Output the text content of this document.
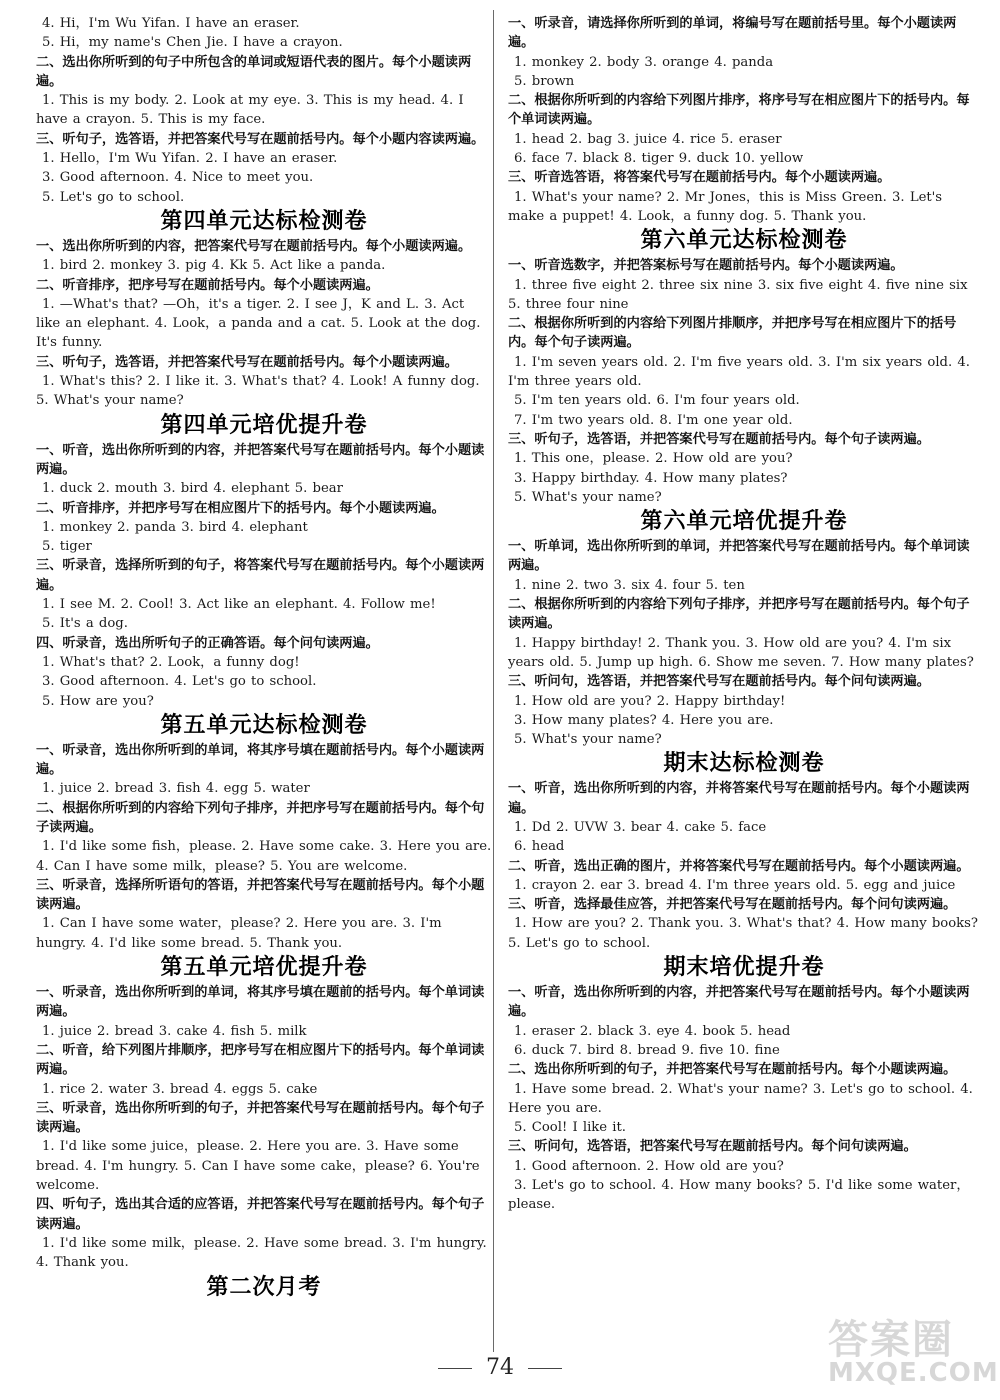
4. Hi，I'm Wu Yifan. I have an eraser.
5. Hi，my name's Chen Jie. I have a crayon.
二、选出你所听到的句子中所包含的单词或短语代表的图片。每个小题读两遍。
1. This is my body. 2. Look at my eye. 3. This is my head. 4. I have a crayon. 5. This is my face.
三、听句子，选答语，并把答案代号写在题前括号内。每个小题内容读两遍。
1. Hello，I'm Wu Yifan. 2. I have an eraser.
3. Good afternoon. 4. Nice to meet you.
5. Let's go to school.
第四单元达标检测卷
一、选出你所听到的内容，把答案代号写在题前括号内。每个小题读两遍。
1. bird 2. monkey 3. pig 4. Kk 5. Act like a panda.
二、听音排序，把序号写在题前括号内。每个小题读两遍。
1. —What's that? —Oh，it's a tiger. 2. I see J，K and L. 3. Act like an elephant. 4. Look，a panda and a cat. 5. Look at the dog. It's funny.
三、听句子，选答语，并把答案代号写在题前括号内。每个小题读两遍。
1. What's this? 2. I like it. 3. What's that? 4. Look! A funny dog. 5. What's your name?
第四单元培优提升卷
一、听音，选出你所听到的内容，并把答案代号写在题前括号内。每个小题读两遍。
1. duck 2. mouth 3. bird 4. elephant 5. bear
二、听音排序，并把序号写在相应图片下的括号内。每个小题读两遍。
1. monkey 2. panda 3. bird 4. elephant
5. tiger
三、听录音，选择所听到的句子，将答案代号写在题前括号内。每个小题读两遍。
1. I see M. 2. Cool! 3. Act like an elephant. 4. Follow me!
5. It's a dog.
四、听录音，选出所听句子的正确答语。每个问句读两遍。
1. What's that? 2. Look，a funny dog!
3. Good afternoon. 4. Let's go to school.
5. How are you?
第五单元达标检测卷
一、听录音，选出你所听到的单词，将其序号填在题前括号内。每个小题读两遍。
1. juice 2. bread 3. fish 4. egg 5. water
二、根据你所听到的内容给下列句子排序，并把序号写在题前括号内。每个句子读两遍。
1. I'd like some fish，please. 2. Have some cake. 3. Here you are. 4. Can I have some milk，please? 5. You are welcome.
三、听录音，选择所听语句的答语，并把答案代号写在题前括号内。每个小题读两遍。
1. Can I have some water，please? 2. Here you are. 3. I'm hungry. 4. I'd like some bread. 5. Thank you.
第五单元培优提升卷
一、听录音，选出你所听到的单词，将其序号填在题前的括号内。每个单词读两遍。
1. juice 2. bread 3. cake 4. fish 5. milk
二、听音，给下列图片排顺序，把序号写在相应图片下的括号内。每个单词读两遍。
1. rice 2. water 3. bread 4. eggs 5. cake
三、听录音，选出你所听到的句子，并把答案代号写在题前括号内。每个句子读两遍。
1. I'd like some juice，please. 2. Here you are. 3. Have some bread. 4. I'm hungry. 5. Can I have some cake，please? 6. You're welcome.
四、听句子，选出其合适的应答语，并把答案代号写在题前括号内。每个句子读两遍。
1. I'd like some milk，please. 2. Have some bread. 3. I'm hungry. 4. Thank you.
第二次月考
一、听录音，请选择你所听到的单词，将编号写在题前括号里。每个小题读两遍。
1. monkey 2. body 3. orange 4. panda
5. brown
二、根据你所听到的内容给下列图片排序，将序号写在相应图片下的括号内。每个单词读两遍。
1. head 2. bag 3. juice 4. rice 5. eraser
6. face 7. black 8. tiger 9. duck 10. yellow
三、听音选答语，将答案代号写在题前括号内。每个小题读两遍。
1. What's your name? 2. Mr Jones，this is Miss Green. 3. Let's make a puppet! 4. Look，a funny dog. 5. Thank you.
第六单元达标检测卷
一、听音选数字，并把答案标号写在题前括号内。每个小题读两遍。
1. three five eight 2. three six nine 3. six five eight 4. five nine six 5. three four nine
二、根据你所听到的内容给下列图片排顺序，并把序号写在相应图片下的括号内。每个句子读两遍。
1. I'm seven years old. 2. I'm five years old. 3. I'm six years old. 4. I'm three years old.
5. I'm ten years old. 6. I'm four years old.
7. I'm two years old. 8. I'm one year old.
三、听句子，选答语，并把答案代号写在题前括号内。每个句子读两遍。
1. This one，please. 2. How old are you?
3. Happy birthday. 4. How many plates?
5. What's your name?
第六单元培优提升卷
一、听单词，选出你所听到的单词，并把答案代号写在题前括号内。每个单词读两遍。
1. nine 2. two 3. six 4. four 5. ten
二、根据你所听到的内容给下列句子排序，并把序号写在题前括号内。每个句子读两遍。
1. Happy birthday! 2. Thank you. 3. How old are you? 4. I'm six years old. 5. Jump up high. 6. Show me seven. 7. How many plates?
三、听问句，选答语，并把答案代号写在题前括号内。每个问句读两遍。
1. How old are you? 2. Happy birthday!
3. How many plates? 4. Here you are.
5. What's your name?
期末达标检测卷
一、听音，选出你所听到的内容，并将答案代号写在题前括号内。每个小题读两遍。
1. Dd 2. UVW 3. bear 4. cake 5. face
6. head
二、听音，选出正确的图片，并将答案代号写在题前括号内。每个小题读两遍。
1. crayon 2. ear 3. bread 4. I'm three years old. 5. egg and juice
三、听音，选择最佳应答，并把答案代号写在题前括号内。每个问句读两遍。
1. How are you? 2. Thank you. 3. What's that? 4. How many books? 5. Let's go to school.
期末培优提升卷
一、听音，选出你所听到的内容，并把答案代号写在题前括号内。每个小题读两遍。
1. eraser 2. black 3. eye 4. book 5. head
6. duck 7. bird 8. bread 9. five 10. fine
二、选出你所听到的句子，并把答案代号写在题前括号内。每个小题读两遍。
1. Have some bread. 2. What's your name? 3. Let's go to school. 4. Here you are.
5. Cool! I like it.
三、听问句，选答语，把答案代号写在题前括号内。每个问句读两遍。
1. Good afternoon. 2. How old are you?
3. Let's go to school. 4. How many books? 5. I'd like some water，please.
74
答案圈
MXQE.COM
